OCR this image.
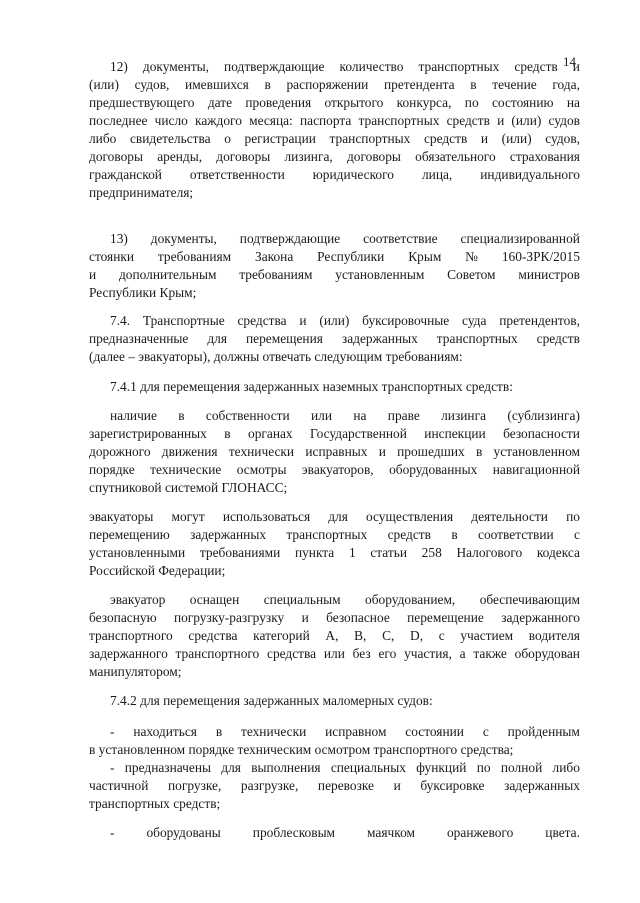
14
12) документы, подтверждающие количество транспортных средств и
(или) судов, имевшихся в распоряжении претендента в течение года,
предшествующего дате проведения открытого конкурса, по состоянию на
последнее число каждого месяца: паспорта транспортных средств и (или) судов
либо свидетельства о регистрации транспортных средств и (или) судов,
договоры аренды, договоры лизинга, договоры обязательного страхования
гражданской ответственности юридического лица, индивидуального
предпринимателя;
13) документы, подтверждающие соответствие специализированной
стоянки требованиям Закона Республики Крым № 160-ЗРК/2015
и дополнительным требованиям установленным Советом министров
Республики Крым;
7.4. Транспортные средства и (или) буксировочные суда претендентов,
предназначенные для перемещения задержанных транспортных средств
(далее – эвакуаторы), должны отвечать следующим требованиям:
7.4.1 для перемещения задержанных наземных транспортных средств:
наличие в собственности или на праве лизинга (сублизинга)
зарегистрированных в органах Государственной инспекции безопасности
дорожного движения технически исправных и прошедших в установленном
порядке технические осмотры эвакуаторов, оборудованных навигационной
спутниковой системой ГЛОНАСС;
эвакуаторы могут использоваться для осуществления деятельности по
перемещению задержанных транспортных средств в соответствии с
установленными требованиями пункта 1 статьи 258 Налогового кодекса
Российской Федерации;
эвакуатор оснащен специальным оборудованием, обеспечивающим
безопасную погрузку-разгрузку и безопасное перемещение задержанного
транспортного средства категорий А, В, С, D, с участием водителя
задержанного транспортного средства или без его участия, а также оборудован
манипулятором;
7.4.2 для перемещения задержанных маломерных судов:
- находиться в технически исправном состоянии с пройденным
в установленном порядке техническим осмотром транспортного средства;
- предназначены для выполнения специальных функций по полной либо
частичной погрузке, разгрузке, перевозке и буксировке задержанных
транспортных средств;
- оборудованы проблесковым маячком оранжевого цвета.
